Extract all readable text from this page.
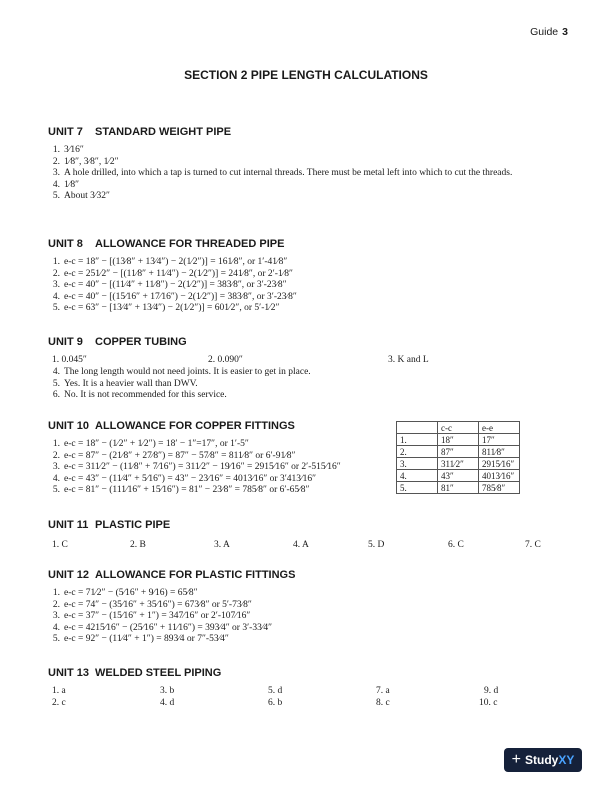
Guide 3
SECTION 2 PIPE LENGTH CALCULATIONS
UNIT 7 STANDARD WEIGHT PIPE
1. 3⁄16″
2. 1⁄8″, 3⁄8″, 1⁄2″
3. A hole drilled, into which a tap is turned to cut internal threads. There must be metal left into which to cut the threads.
4. 1⁄8″
5. About 3⁄32″
UNIT 8 ALLOWANCE FOR THREADED PIPE
1. e-c = 18″ − [(13⁄8″ + 13⁄4″) − 2(1⁄2″)] = 161⁄8″, or 1′-41⁄8″
2. e-c = 251⁄2″ − [(11⁄8″ + 11⁄4″) − 2(1⁄2″)] = 241⁄8″, or 2′-1⁄8″
3. e-c = 40″ − [(11⁄4″ + 11⁄8″) − 2(1⁄2″)] = 383⁄8″, or 3′-23⁄8″
4. e-c = 40″ − [(15⁄16″ + 17⁄16″) − 2(1⁄2″)] = 383⁄8″, or 3′-23⁄8″
5. e-c = 63″ − [13⁄4″ + 13⁄4″) − 2(1⁄2″)] = 601⁄2″, or 5′-1⁄2″
UNIT 9 COPPER TUBING
1. 0.045″	2. 0.090″	3. K and L
4. The long length would not need joints. It is easier to get in place.
5. Yes. It is a heavier wall than DWV.
6. No. It is not recommended for this service.
UNIT 10 ALLOWANCE FOR COPPER FITTINGS
1. e-c = 18″ − (1⁄2″ + 1⁄2″) = 18′ − 1″=17″, or 1′-5″
2. e-c = 87″ − (21⁄8″ + 27⁄8″) = 87″ − 57⁄8″ = 811⁄8″ or 6′-91⁄8″
3. e-c = 311⁄2″ − (11⁄8″ + 7⁄16″) = 311⁄2″ − 19⁄16″ = 2915⁄16″ or 2′-515⁄16″
4. e-c = 43″ − (11⁄4″ + 5⁄16″) = 43″ − 23⁄16″ = 4013⁄16″ or 3′413⁄16″
5. e-c = 81″ − (111⁄16″ + 15⁄16″) = 81″ − 23⁄8″ = 785⁄8″ or 6′-65⁄8″
	c-c	e-e
1.	18″	17″
2.	87″	811⁄8″
3.	311⁄2″	2915⁄16″
4.	43″	4013⁄16″
5.	81″	785⁄8″
UNIT 11 PLASTIC PIPE
1. C	2. B	3. A	4. A	5. D	6. C	7. C
UNIT 12 ALLOWANCE FOR PLASTIC FITTINGS
1. e-c = 71⁄2″ − (5⁄16″ + 9⁄16) = 65⁄8″
2. e-c = 74″ − (35⁄16″ + 35⁄16″) = 673⁄8″ or 5′-73⁄8″
3. e-c = 37″ − (15⁄16″ + 1″) = 347⁄16″ or 2′-107⁄16″
4. e-c = 4215⁄16″ − (25⁄16″ + 11⁄16″) = 393⁄4″ or 3′-33⁄4″
5. e-c = 92″ − (11⁄4″ + 1″) = 893⁄4 or 7″-53⁄4″
UNIT 13 WELDED STEEL PIPING
1. a	3. b	5. d	7. a	9. d
2. c	4. d	6. b	8. c	10. c
+ Study XY
